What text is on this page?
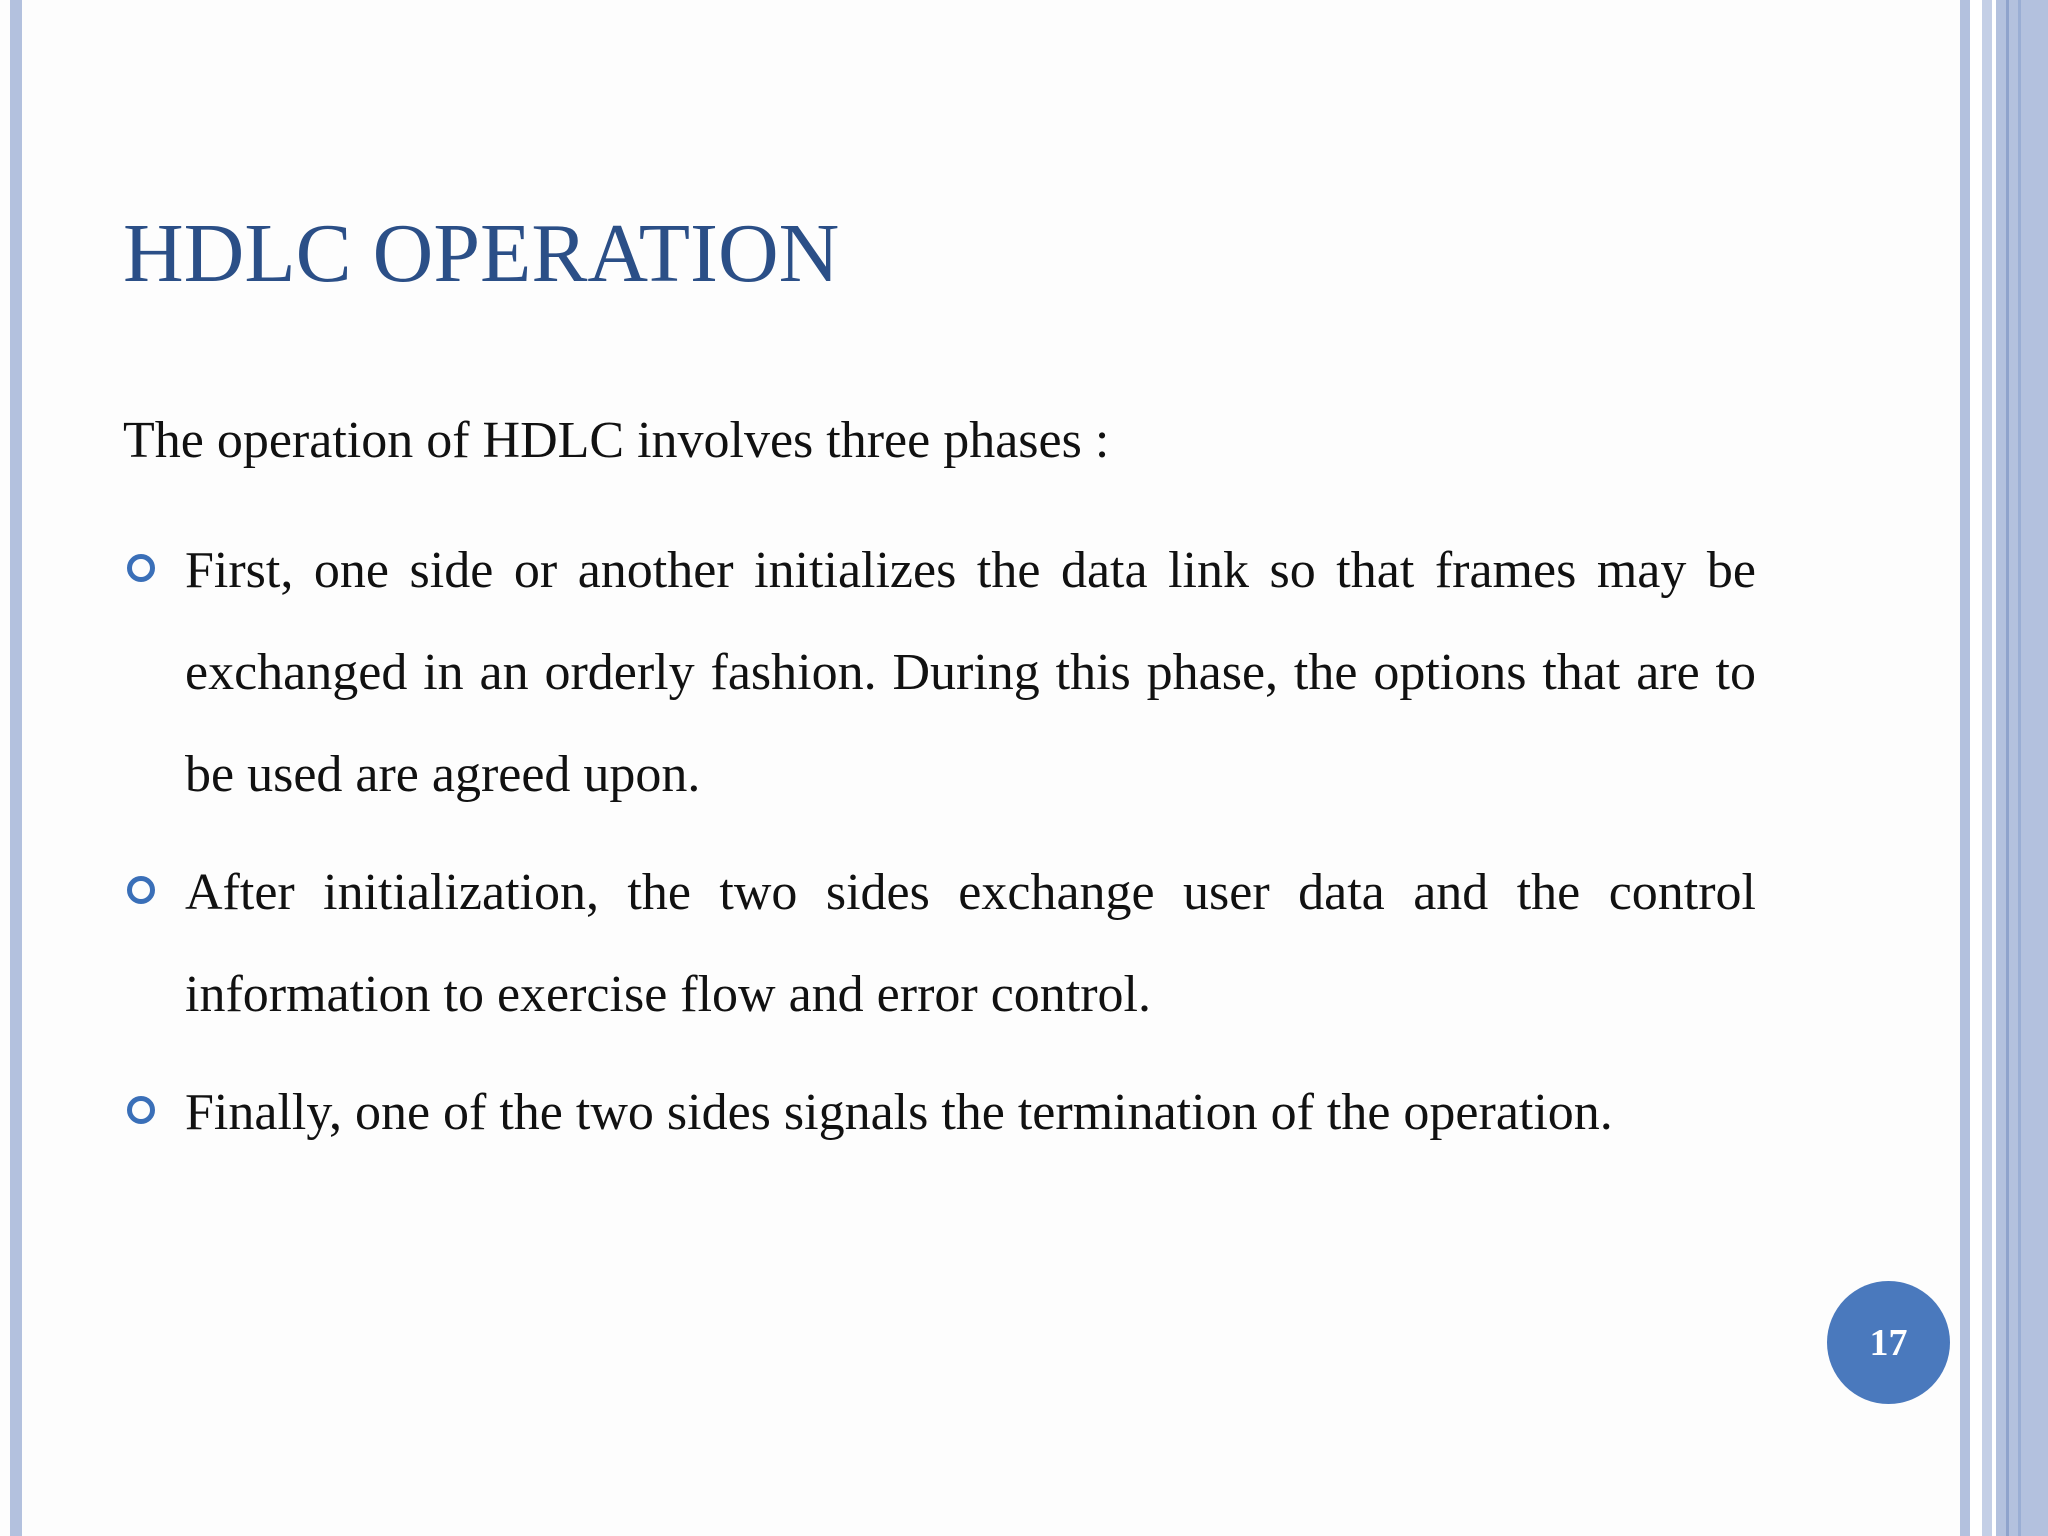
HDLC OPERATION
The operation of HDLC involves three phases :
First, one side or another initializes the data link so that frames may be exchanged in an orderly fashion. During this phase, the options that are to be used are agreed upon.
After initialization, the two sides exchange user data and the control information to exercise flow and error control.
Finally, one of the two sides signals the termination of the operation.
17
